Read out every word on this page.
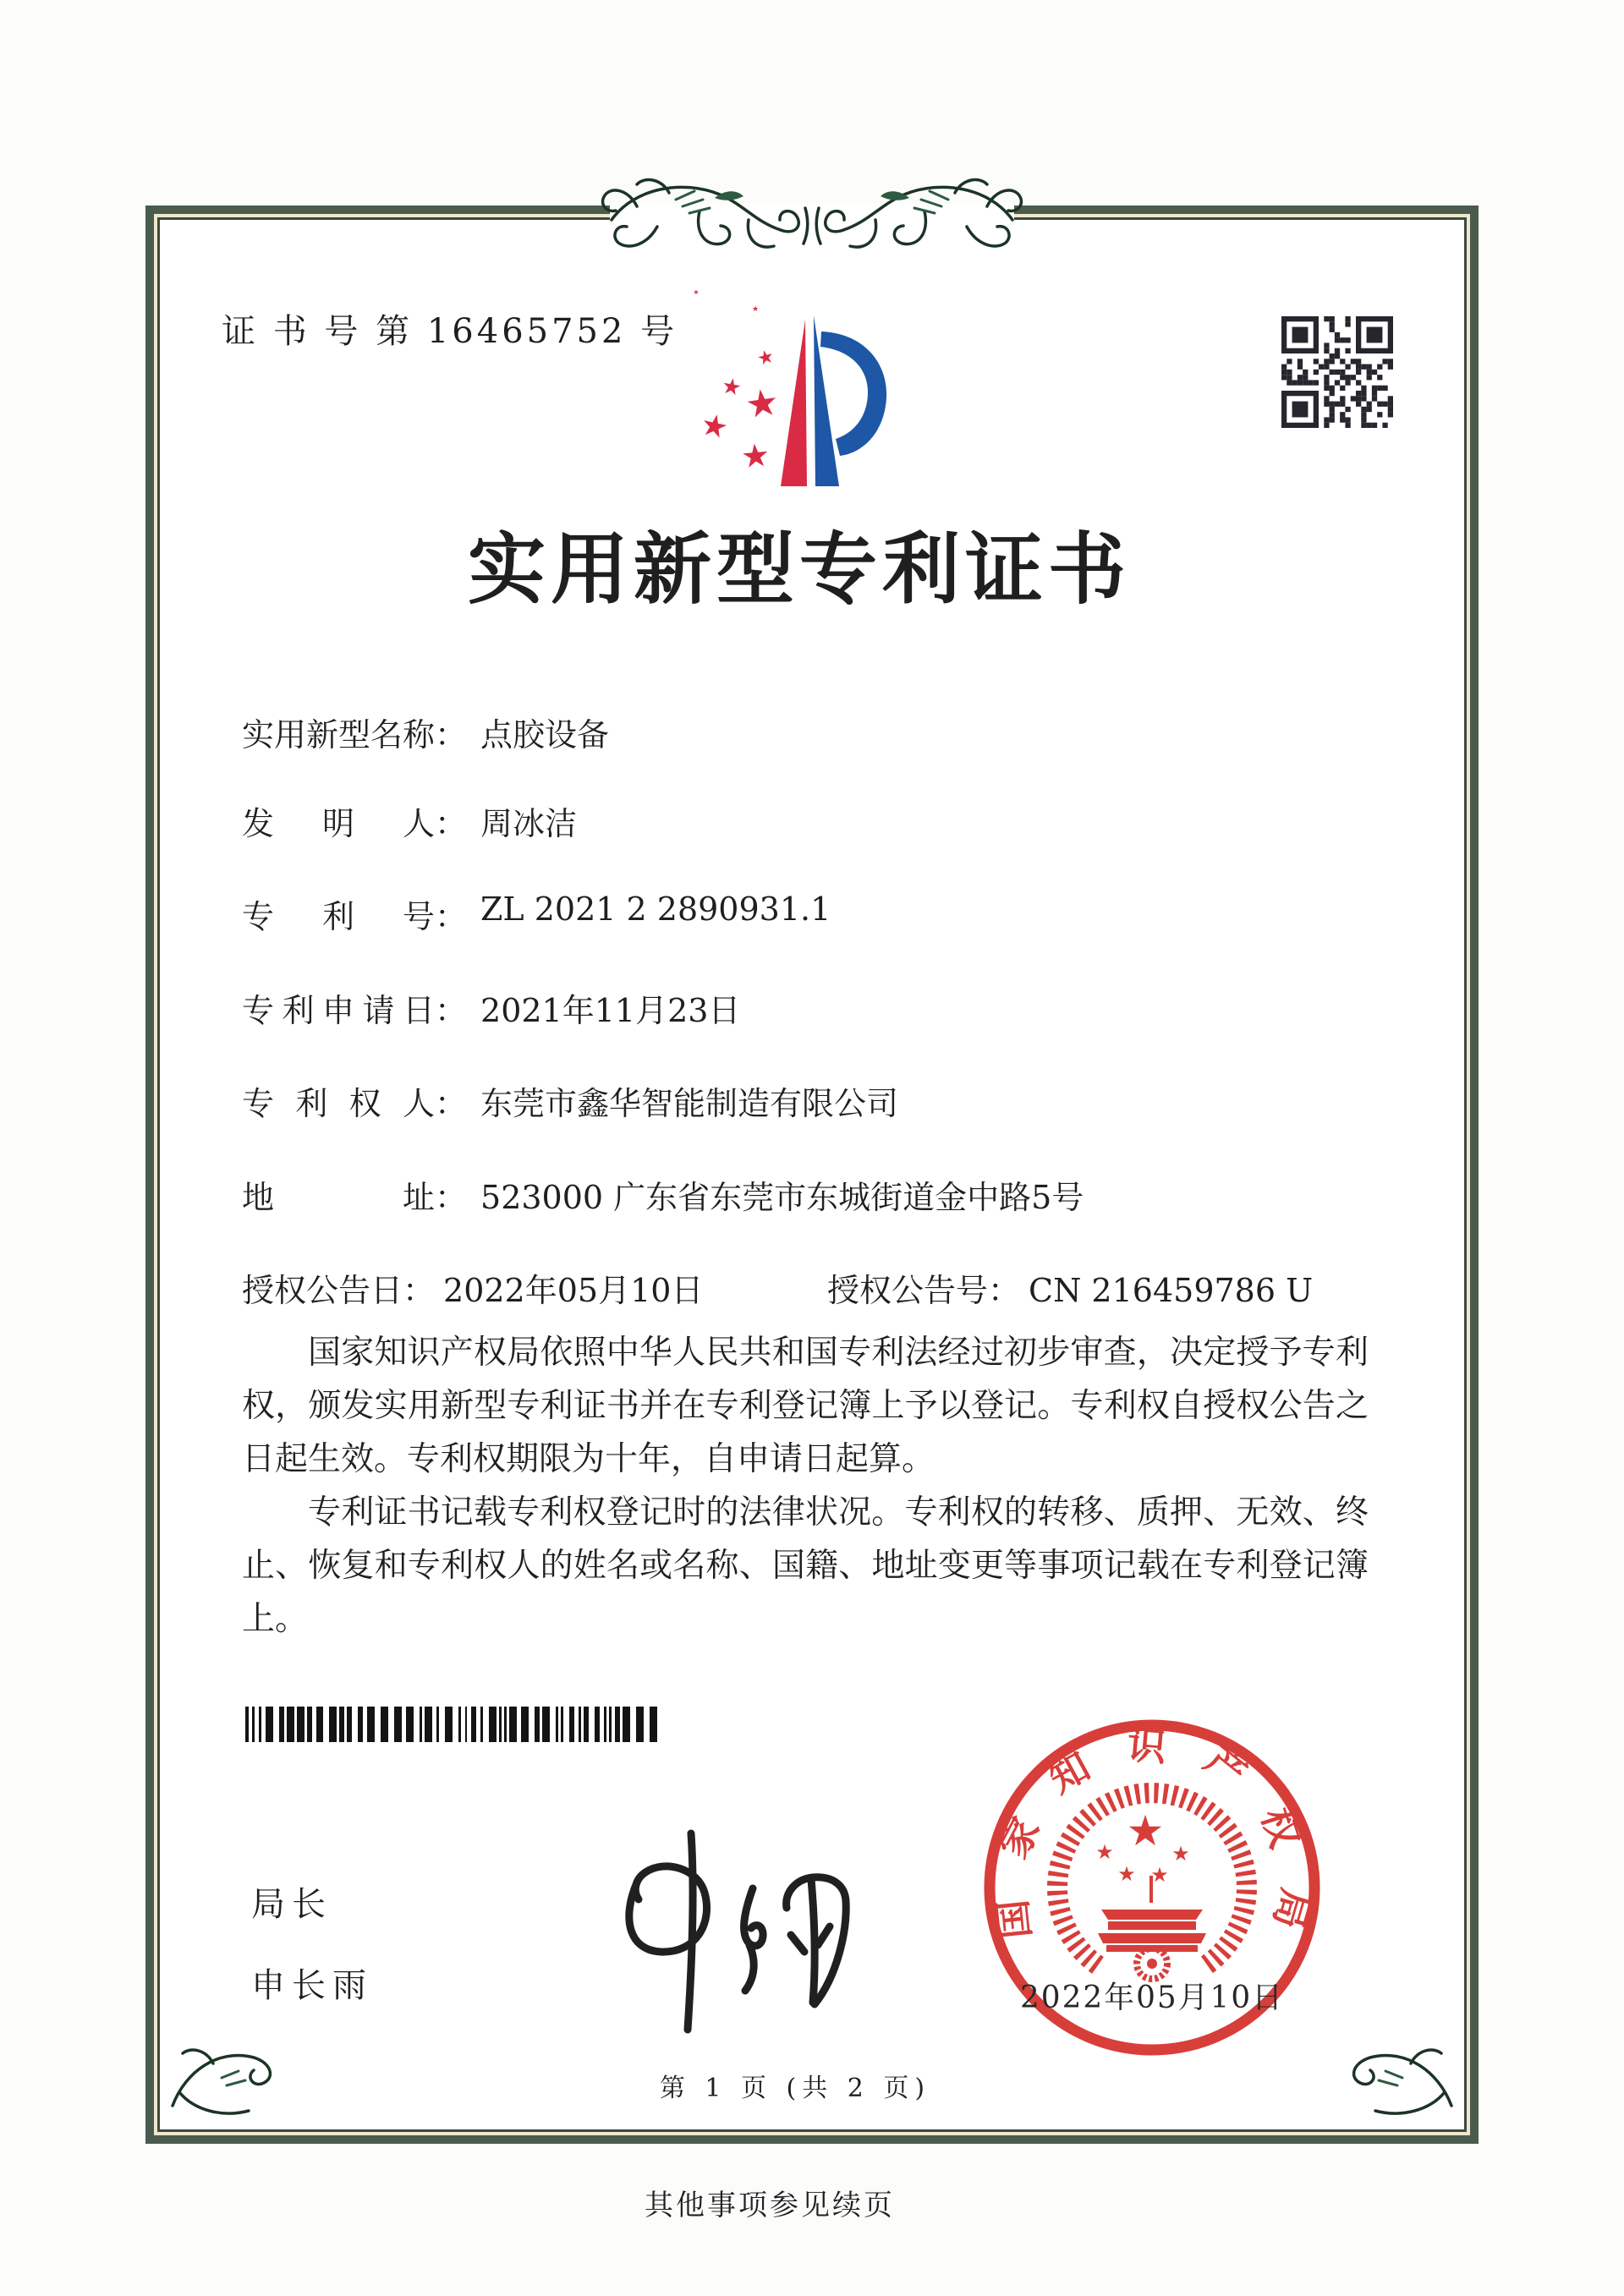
证 书 号 第 16465752 号
★
★
★
★ ★
★
★
实用新型专利证书
实用新型名称 ： 点胶设备
发明人 ： 周冰洁
专利号 ： ZL 2021 2 2890931.1
专利申请日 ： 2021年11月23日
专利权人 ： 东莞市鑫华智能制造有限公司
地址 ： 523000 广东省东莞市东城街道金中路5号
授权公告日： 2022年05月10日	授权公告号： CN 216459786 U

国家知识产权局依照中华人民共和国专利法经过初步审查，决定授予专利权，颁发实用新型专利证书并在专利登记簿上予以登记。专利权自授权公告之日起生效。专利权期限为十年，自申请日起算。

专利证书记载专利权登记时的法律状况。专利权的转移、质押、无效、终止、恢复和专利权人的姓名或名称、国籍、地址变更等事项记载在专利登记簿上。

局长
申长雨
国家知识产权局
★
★
★
★
★
2022年05月10日
第 1 页 (共 2 页)
其他事项参见续页
